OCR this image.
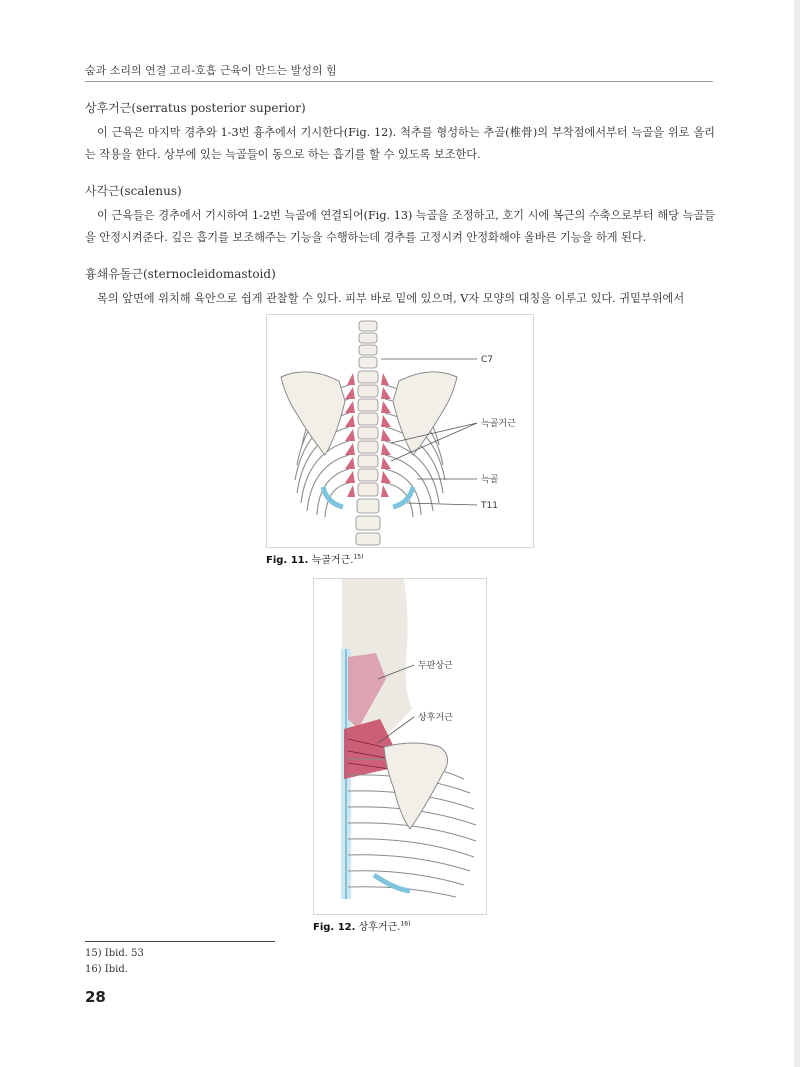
숨과 소리의 연결 고리-호흡 근육이 만드는 발성의 힘

상후거근(serratus posterior superior)

이 근육은 마지막 경추와 1-3번 흉추에서 기시한다(Fig. 12). 척추를 형성하는 추골(椎骨)의 부착점에서부터 늑골을 위로 올리는 작용을 한다. 상부에 있는 늑골들이 동으로 하는 흡기를 할 수 있도록 보조한다.

사각근(scalenus)

이 근육들은 경추에서 기시하여 1-2번 늑골에 연결되어(Fig. 13) 늑골을 조정하고, 호기 시에 복근의 수축으로부터 해당 늑골들을 안정시켜준다. 깊은 흡기를 보조해주는 기능을 수행하는데 경추를 고정시켜 안정화해야 올바른 기능을 하게 된다.

흉쇄유돌근(sternocleidomastoid)

목의 앞면에 위치해 육안으로 쉽게 관찰할 수 있다. 피부 바로 밑에 있으며, V자 모양의 대칭을 이루고 있다. 귀밑부위에서

C7
늑골거근
늑골
T11
Fig. 11. 늑골거근.$^{15)}$
두판상근
상후거근
Fig. 12. 상후거근.$^{16)}$
15) Ibid. 53
16) Ibid.
28
